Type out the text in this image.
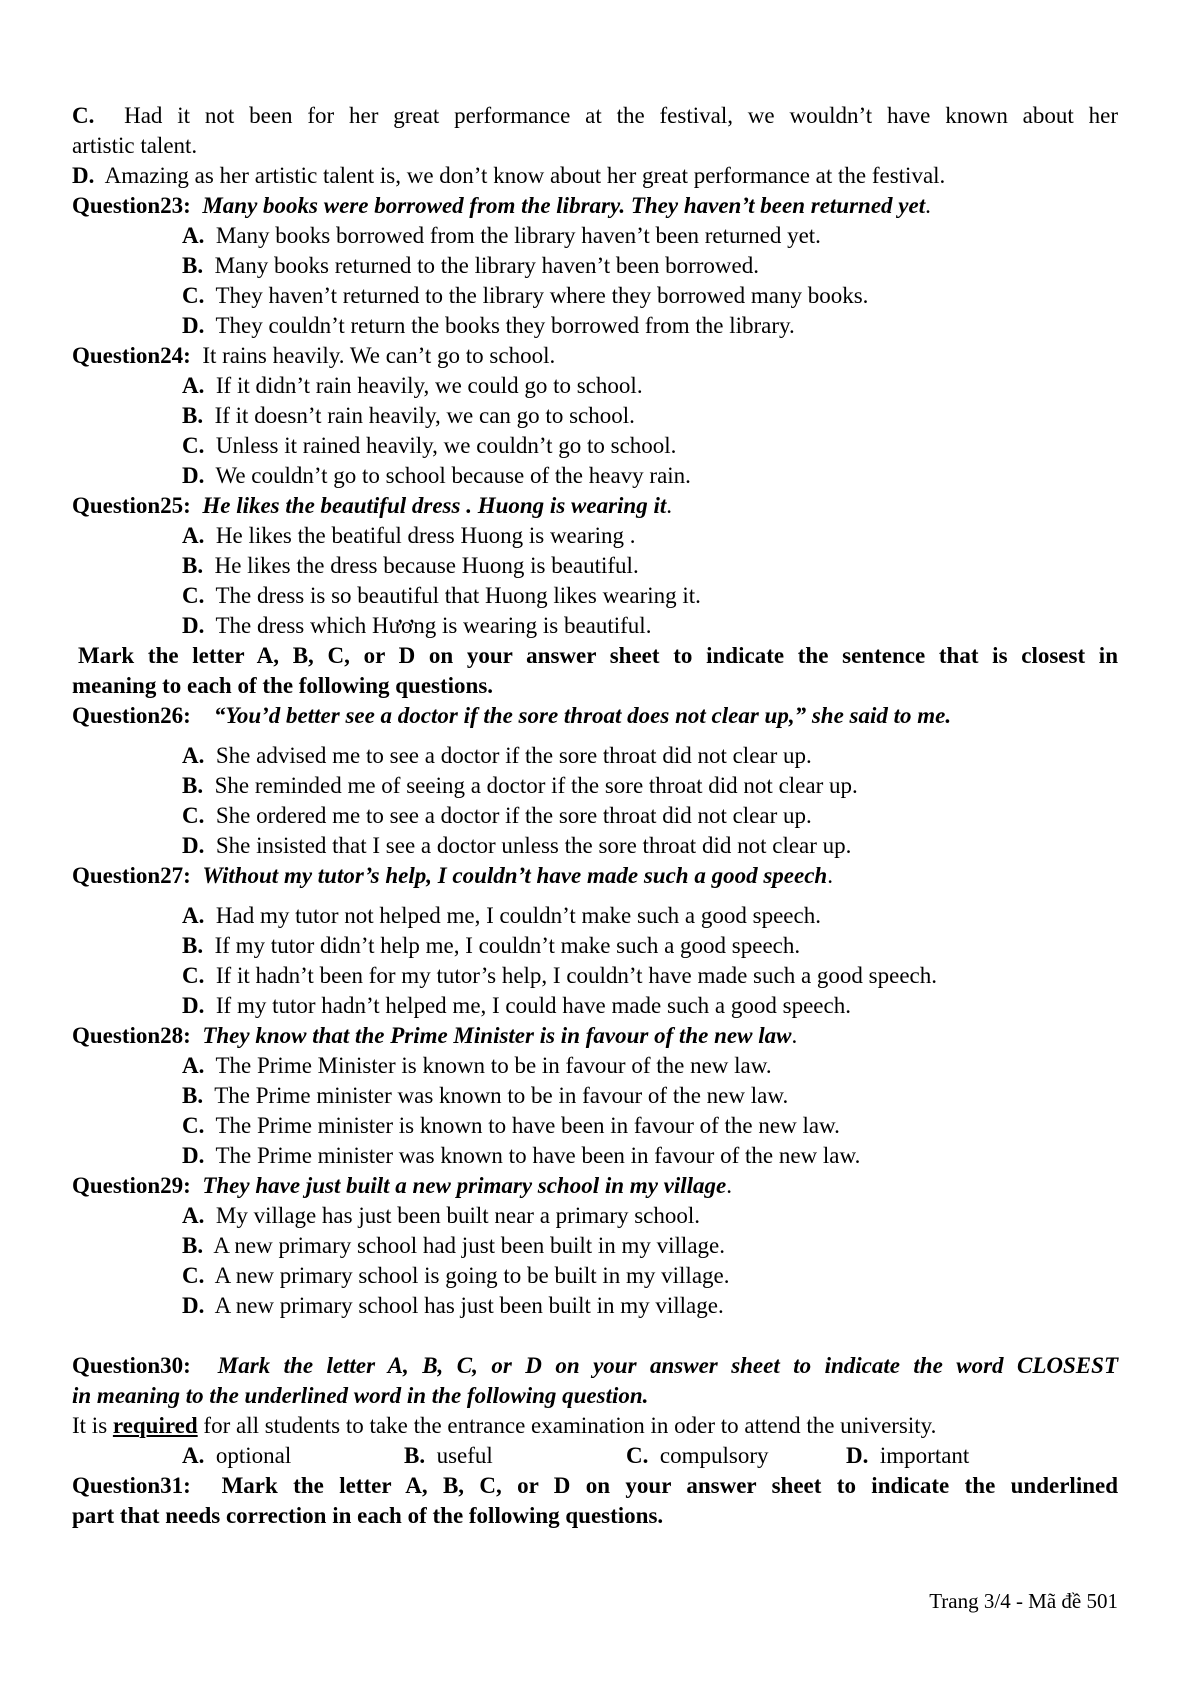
C. Had it not been for her great performance at the festival, we wouldn’t have known about her
artistic talent.
D. Amazing as her artistic talent is, we don’t know about her great performance at the festival.
Question23: Many books were borrowed from the library. They haven’t been returned yet.
A. Many books borrowed from the library haven’t been returned yet.
B. Many books returned to the library haven’t been borrowed.
C. They haven’t returned to the library where they borrowed many books.
D. They couldn’t return the books they borrowed from the library.
Question24: It rains heavily. We can’t go to school.
A. If it didn’t rain heavily, we could go to school.
B. If it doesn’t rain heavily, we can go to school.
C. Unless it rained heavily, we couldn’t go to school.
D. We couldn’t go to school because of the heavy rain.
Question25: He likes the beautiful dress . Huong is wearing it.
A. He likes the beatiful dress Huong is wearing .
B. He likes the dress because Huong is beautiful.
C. The dress is so beautiful that Huong likes wearing it.
D. The dress which Hương is wearing is beautiful.
Mark the letter A, B, C, or D on your answer sheet to indicate the sentence that is closest in
meaning to each of the following questions.
Question26: “You’d better see a doctor if the sore throat does not clear up,” she said to me.
A. She advised me to see a doctor if the sore throat did not clear up.
B. She reminded me of seeing a doctor if the sore throat did not clear up.
C. She ordered me to see a doctor if the sore throat did not clear up.
D. She insisted that I see a doctor unless the sore throat did not clear up.
Question27: Without my tutor’s help, I couldn’t have made such a good speech.
A. Had my tutor not helped me, I couldn’t make such a good speech.
B. If my tutor didn’t help me, I couldn’t make such a good speech.
C. If it hadn’t been for my tutor’s help, I couldn’t have made such a good speech.
D. If my tutor hadn’t helped me, I could have made such a good speech.
Question28: They know that the Prime Minister is in favour of the new law.
A. The Prime Minister is known to be in favour of the new law.
B. The Prime minister was known to be in favour of the new law.
C. The Prime minister is known to have been in favour of the new law.
D. The Prime minister was known to have been in favour of the new law.
Question29: They have just built a new primary school in my village.
A. My village has just been built near a primary school.
B. A new primary school had just been built in my village.
C. A new primary school is going to be built in my village.
D. A new primary school has just been built in my village.
Question30: Mark the letter A, B, C, or D on your answer sheet to indicate the word CLOSEST
in meaning to the underlined word in the following question.
It is required for all students to take the entrance examination in oder to attend the university.
A. optional	B. useful	C. compulsory	D. important
Question31: Mark the letter A, B, C, or D on your answer sheet to indicate the underlined
part that needs correction in each of the following questions.
Trang 3/4 - Mã đề 501
